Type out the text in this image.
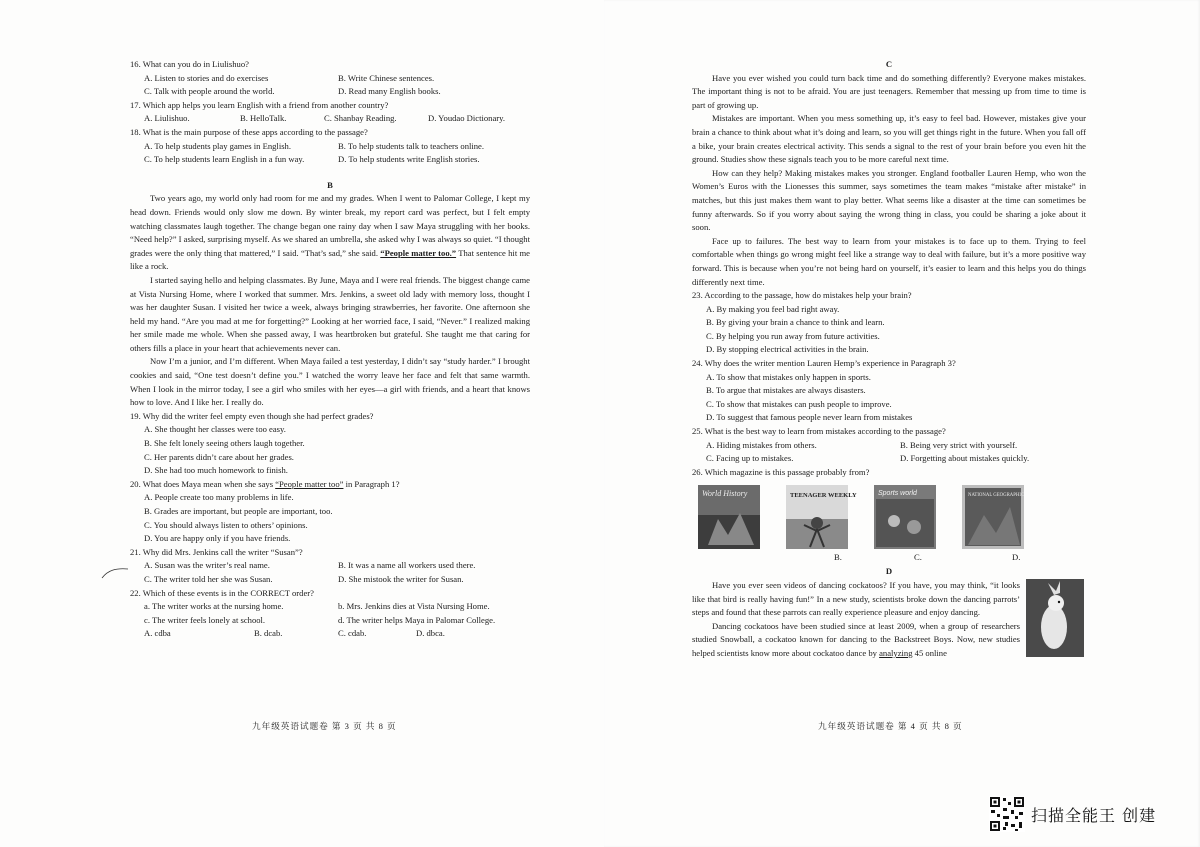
16. What can you do in Liulishuo?

A. Listen to stories and do exercises	B. Write Chinese sentences.
C. Talk with people around the world.	D. Read many English books.

17. Which app helps you learn English with a friend from another country?

A. Liulishuo.	B. HelloTalk.	C. Shanbay Reading.	D. Youdao Dictionary.

18. What is the main purpose of these apps according to the passage?

A. To help students play games in English.	B. To help students talk to teachers online.
C. To help students learn English in a fun way.	D. To help students write English stories.

B

Two years ago, my world only had room for me and my grades. When I went to Palomar College, I kept my head down. Friends would only slow me down. By winter break, my report card was perfect, but I felt empty watching classmates laugh together. The change began one rainy day when I saw Maya struggling with her books. “Need help?” I asked, surprising myself. As we shared an umbrella, she asked why I was always so quiet. “I thought grades were the only thing that mattered,” I said. “That’s sad,” she said. “People matter too.” That sentence hit me like a rock.

I started saying hello and helping classmates. By June, Maya and I were real friends. The biggest change came at Vista Nursing Home, where I worked that summer. Mrs. Jenkins, a sweet old lady with memory loss, thought I was her daughter Susan. I visited her twice a week, always bringing strawberries, her favorite. One afternoon she held my hand. “Are you mad at me for forgetting?” Looking at her worried face, I said, “Never.” I realized making her smile made me whole. When she passed away, I was heartbroken but grateful. She taught me that caring for others fills a place in your heart that achievements never can.

Now I’m a junior, and I’m different. When Maya failed a test yesterday, I didn’t say “study harder.” I brought cookies and said, “One test doesn’t define you.” I watched the worry leave her face and felt that same warmth. When I look in the mirror today, I see a girl who smiles with her eyes—a girl with friends, and a heart that knows how to love. And I like her. I really do.

19. Why did the writer feel empty even though she had perfect grades?

A. She thought her classes were too easy.

B. She felt lonely seeing others laugh together.

C. Her parents didn’t care about her grades.

D. She had too much homework to finish.

20. What does Maya mean when she says “People matter too” in Paragraph 1?

A. People create too many problems in life.

B. Grades are important, but people are important, too.

C. You should always listen to others’ opinions.

D. You are happy only if you have friends.

21. Why did Mrs. Jenkins call the writer “Susan”?

A. Susan was the writer’s real name.	B. It was a name all workers used there.
C. The writer told her she was Susan.	D. She mistook the writer for Susan.

22. Which of these events is in the CORRECT order?

a. The writer works at the nursing home.	b. Mrs. Jenkins dies at Vista Nursing Home.
c. The writer feels lonely at school.	d. The writer helps Maya in Palomar College.
A. cdba	B. dcab.	C. cdab.	D. dbca.
九年级英语试题卷 第 3 页 共 8 页

C

Have you ever wished you could turn back time and do something differently? Everyone makes mistakes. The important thing is not to be afraid. You are just teenagers. Remember that messing up from time to time is part of growing up.

Mistakes are important. When you mess something up, it’s easy to feel bad. However, mistakes give your brain a chance to think about what it’s doing and learn, so you will get things right in the future. When you fall off a bike, your brain creates electrical activity. This sends a signal to the rest of your brain before you even hit the ground. Studies show these signals teach you to be more careful next time.

How can they help? Making mistakes makes you stronger. England footballer Lauren Hemp, who won the Women’s Euros with the Lionesses this summer, says sometimes the team makes “mistake after mistake” in matches, but this just makes them want to play better. What seems like a disaster at the time can sometimes be funny afterwards. So if you worry about saying the wrong thing in class, you could be sharing a joke about it soon.

Face up to failures. The best way to learn from your mistakes is to face up to them. Trying to feel comfortable when things go wrong might feel like a strange way to deal with failure, but it’s a more positive way forward. This is because when you’re not being hard on yourself, it’s easier to learn and this helps you do things differently next time.

23. According to the passage, how do mistakes help your brain?

A. By making you feel bad right away.

B. By giving your brain a chance to think and learn.

C. By helping you run away from future activities.

D. By stopping electrical activities in the brain.

24. Why does the writer mention Lauren Hemp’s experience in Paragraph 3?

A. To show that mistakes only happen in sports.

B. To argue that mistakes are always disasters.

C. To show that mistakes can push people to improve.

D. To suggest that famous people never learn from mistakes

25. What is the best way to learn from mistakes according to the passage?

A. Hiding mistakes from others.	B. Being very strict with yourself.
C. Facing up to mistakes.	D. Forgetting about mistakes quickly.

26. Which magazine is this passage probably from?

World History	TEENAGER WEEKLY	Sports world	NATIONAL GEOGRAPHIC
B.	C.	D.

D

Have you ever seen videos of dancing cockatoos? If you have, you may think, “it looks like that bird is really having fun!” In a new study, scientists broke down the dancing parrots’ steps and found that these parrots can really experience pleasure and enjoy dancing.

Dancing cockatoos have been studied since at least 2009, when a group of researchers studied Snowball, a cockatoo known for dancing to the Backstreet Boys. Now, new studies helped scientists know more about cockatoo dance by analyzing 45 online

九年级英语试题卷 第 4 页 共 8 页
扫描全能王 创建
